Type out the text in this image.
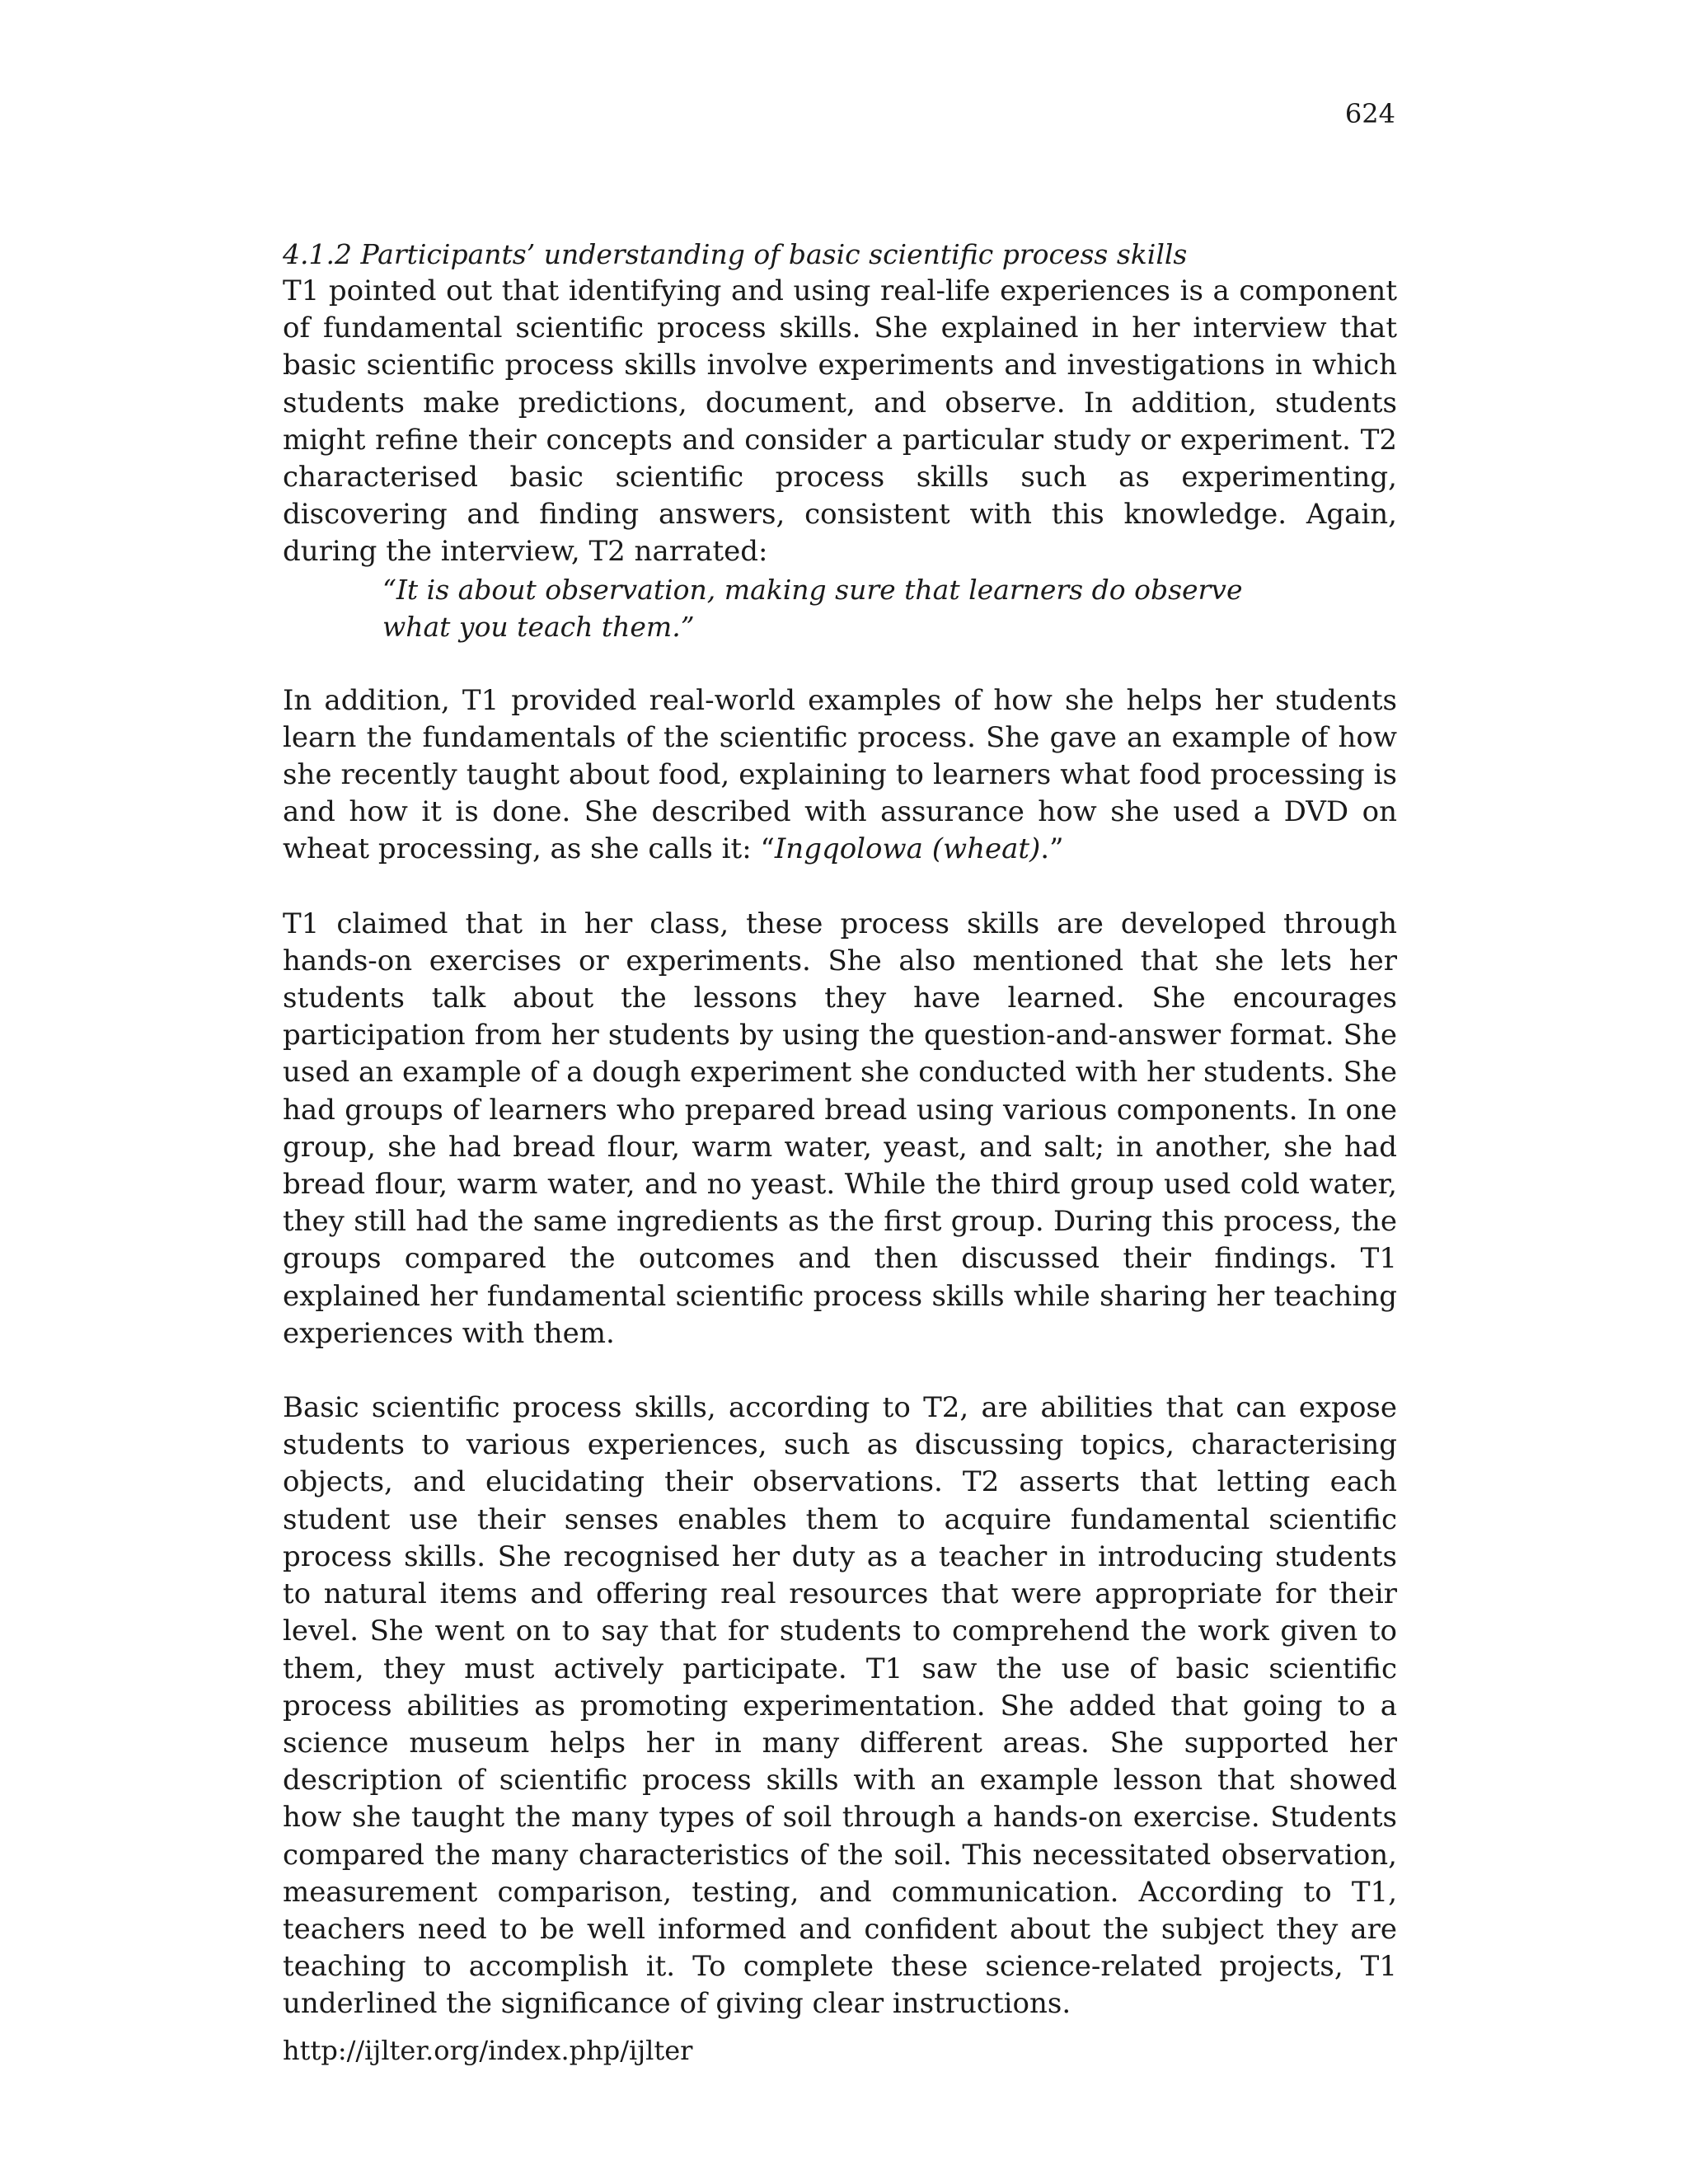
624

4.1.2 Participants’ understanding of basic scientific process skills

T1 pointed out that identifying and using real-life experiences is a component of fundamental scientific process skills. She explained in her interview that basic scientific process skills involve experiments and investigations in which students make predictions, document, and observe. In addition, students might refine their concepts and consider a particular study or experiment. T2 characterised basic scientific process skills such as experimenting, discovering and finding answers, consistent with this knowledge. Again, during the interview, T2 narrated:

“It is about observation, making sure that learners do observe what you teach them.”

In addition, T1 provided real-world examples of how she helps her students learn the fundamentals of the scientific process. She gave an example of how she recently taught about food, explaining to learners what food processing is and how it is done. She described with assurance how she used a DVD on wheat processing, as she calls it: “Ingqolowa (wheat).”

T1 claimed that in her class, these process skills are developed through hands-on exercises or experiments. She also mentioned that she lets her students talk about the lessons they have learned. She encourages participation from her students by using the question-and-answer format. She used an example of a dough experiment she conducted with her students. She had groups of learners who prepared bread using various components. In one group, she had bread flour, warm water, yeast, and salt; in another, she had bread flour, warm water, and no yeast. While the third group used cold water, they still had the same ingredients as the first group. During this process, the groups compared the outcomes and then discussed their findings. T1 explained her fundamental scientific process skills while sharing her teaching experiences with them.

Basic scientific process skills, according to T2, are abilities that can expose students to various experiences, such as discussing topics, characterising objects, and elucidating their observations. T2 asserts that letting each student use their senses enables them to acquire fundamental scientific process skills. She recognised her duty as a teacher in introducing students to natural items and offering real resources that were appropriate for their level. She went on to say that for students to comprehend the work given to them, they must actively participate. T1 saw the use of basic scientific process abilities as promoting experimentation. She added that going to a science museum helps her in many different areas. She supported her description of scientific process skills with an example lesson that showed how she taught the many types of soil through a hands-on exercise. Students compared the many characteristics of the soil. This necessitated observation, measurement comparison, testing, and communication. According to T1, teachers need to be well informed and confident about the subject they are teaching to accomplish it. To complete these science-related projects, T1 underlined the significance of giving clear instructions.

http://ijlter.org/index.php/ijlter
